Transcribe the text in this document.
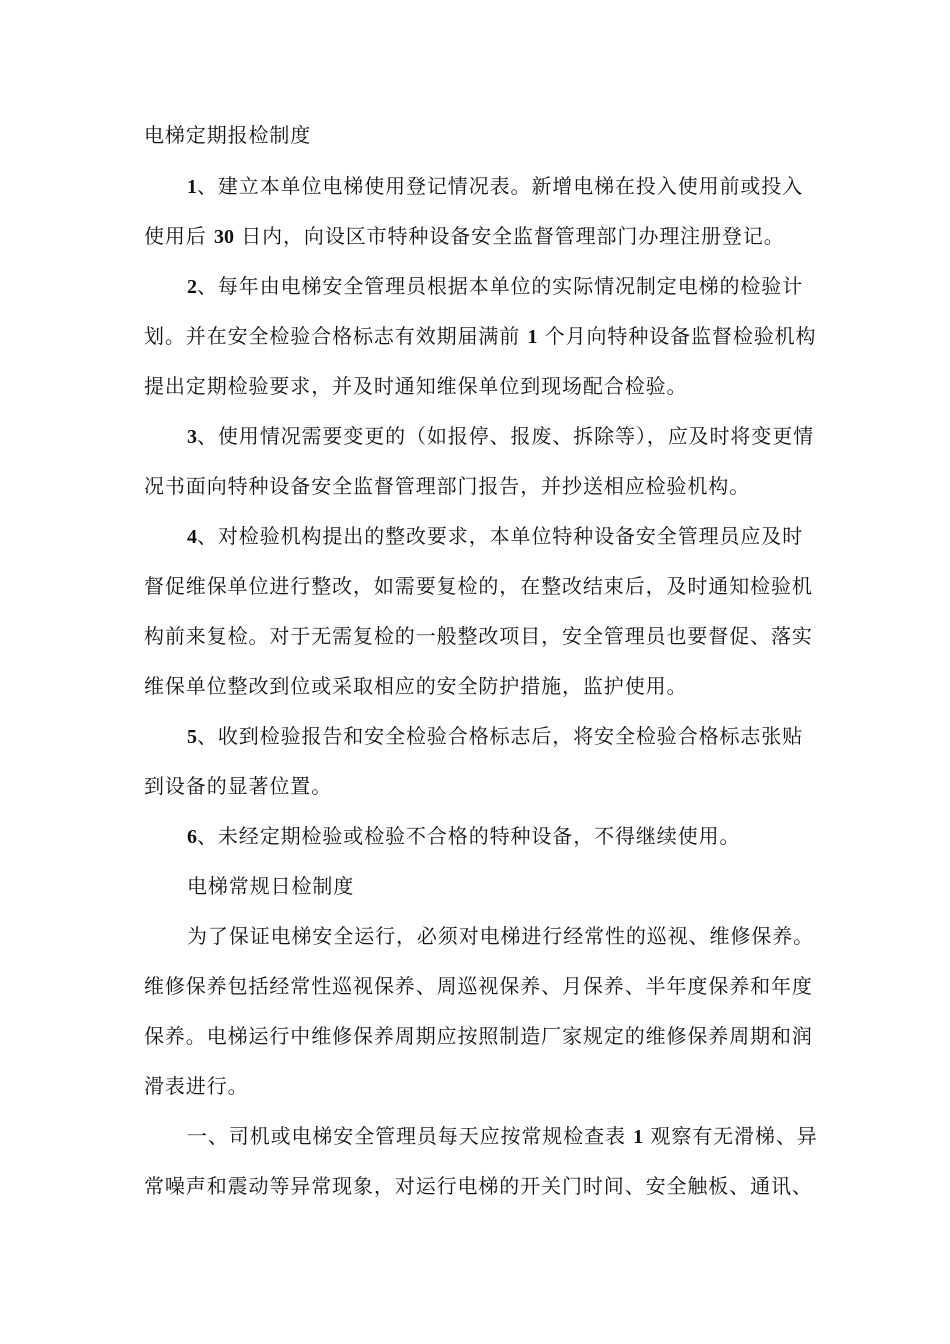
电梯定期报检制度
1、建立本单位电梯使用登记情况表。新增电梯在投入使用前或投入
使用后 30 日内，向设区市特种设备安全监督管理部门办理注册登记。
2、每年由电梯安全管理员根据本单位的实际情况制定电梯的检验计
划。并在安全检验合格标志有效期届满前 1 个月向特种设备监督检验机构
提出定期检验要求，并及时通知维保单位到现场配合检验。
3、使用情况需要变更的（如报停、报废、拆除等），应及时将变更情
况书面向特种设备安全监督管理部门报告，并抄送相应检验机构。
4、对检验机构提出的整改要求，本单位特种设备安全管理员应及时
督促维保单位进行整改，如需要复检的，在整改结束后，及时通知检验机
构前来复检。对于无需复检的一般整改项目，安全管理员也要督促、落实
维保单位整改到位或采取相应的安全防护措施，监护使用。
5、收到检验报告和安全检验合格标志后，将安全检验合格标志张贴
到设备的显著位置。
6、未经定期检验或检验不合格的特种设备，不得继续使用。
电梯常规日检制度
为了保证电梯安全运行，必须对电梯进行经常性的巡视、维修保养。
维修保养包括经常性巡视保养、周巡视保养、月保养、半年度保养和年度
保养。电梯运行中维修保养周期应按照制造厂家规定的维修保养周期和润
滑表进行。
一、司机或电梯安全管理员每天应按常规检查表 1 观察有无滑梯、异
常噪声和震动等异常现象，对运行电梯的开关门时间、安全触板、通讯、
